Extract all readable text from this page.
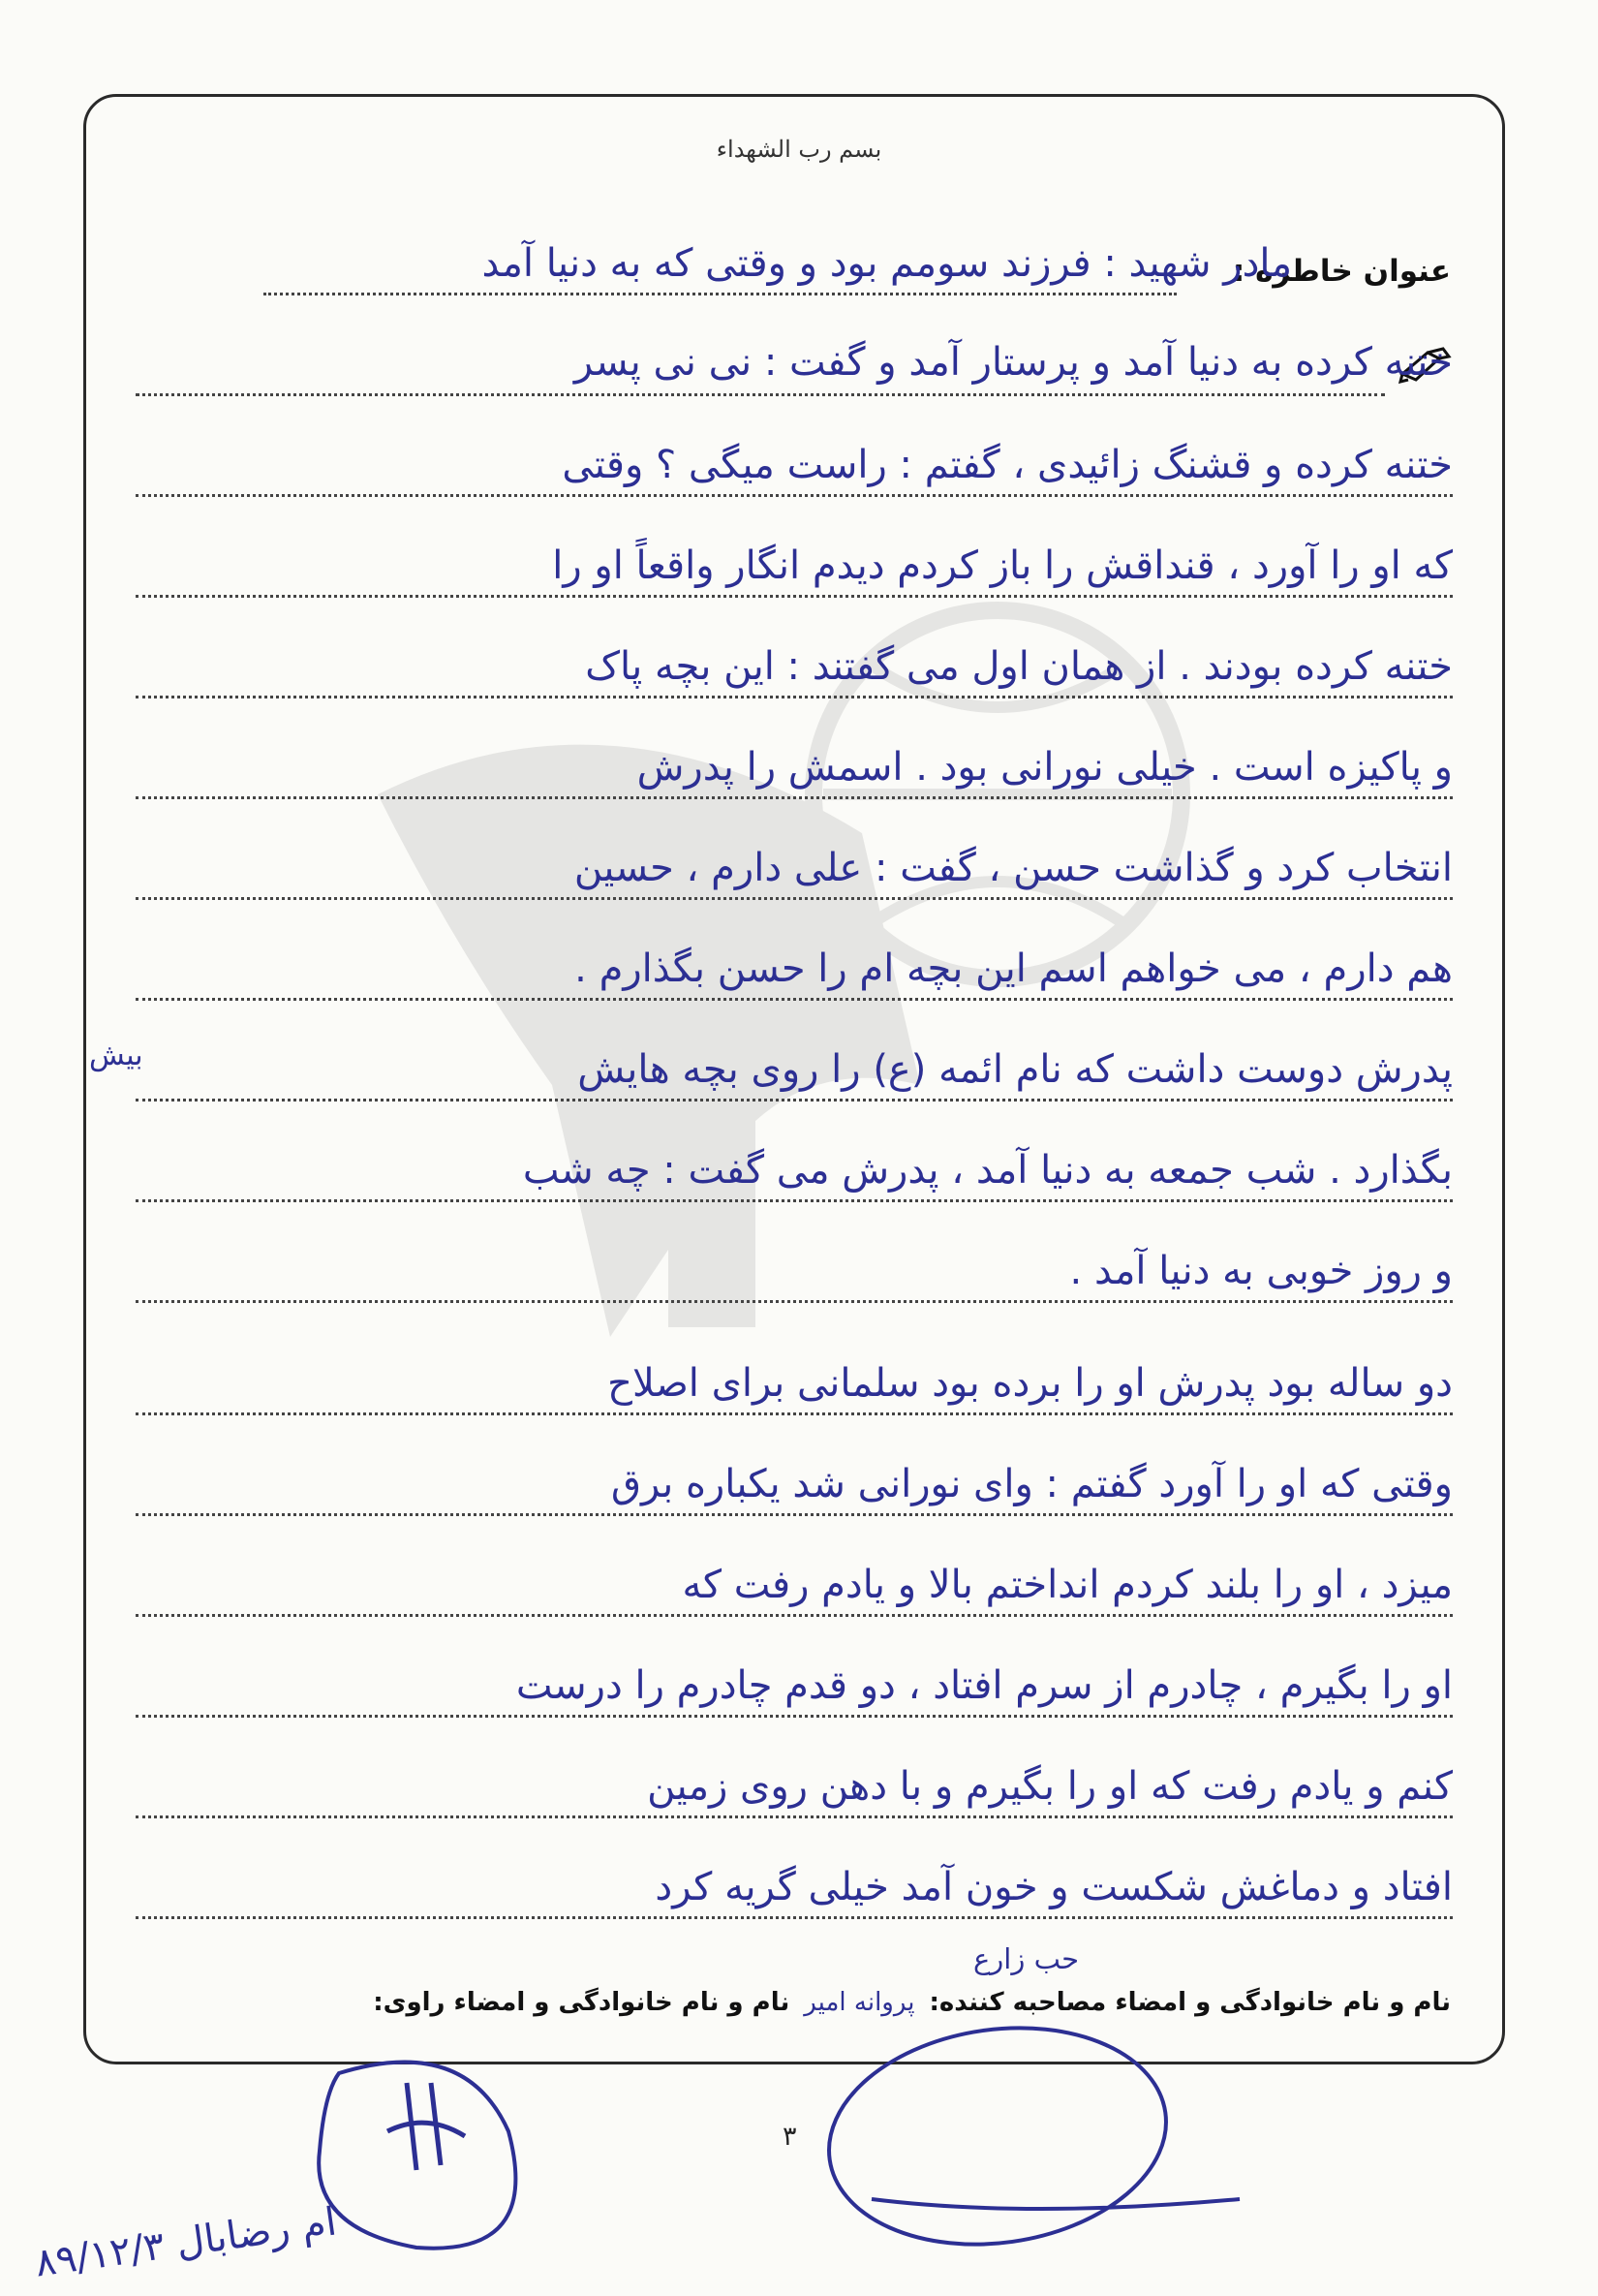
بسم رب الشهداء
عنوان خاطره :
مادر شهید : فرزند سومم بود و وقتی که به دنیا آمد
ختنه کرده به دنیا آمد و پرستار آمد و گفت : نی نی پسر
ختنه کرده و قشنگ زائیدی ، گفتم : راست میگی ؟ وقتی
که او را آورد ، قنداقش را باز کردم دیدم انگار واقعاً او را
ختنه کرده بودند . از همان اول می گفتند : این بچه پاک
و پاکیزه است . خیلی نورانی بود . اسمش را پدرش
انتخاب کرد و گذاشت حسن ، گفت : علی دارم ، حسین
هم دارم ، می خواهم اسم این بچه ام را حسن بگذارم .
پدرش دوست داشت که نام ائمه (ع) را روی بچه هایش
بگذارد . شب جمعه به دنیا آمد ، پدرش می گفت : چه شب
و روز خوبی به دنیا آمد .
دو ساله بود پدرش او را برده بود سلمانی برای اصلاح
وقتی که او را آورد گفتم : وای نورانی شد یکباره برق
میزد ، او را بلند کردم انداختم بالا و یادم رفت که
او را بگیرم ، چادرم از سرم افتاد ، دو قدم چادرم را درست
کنم و یادم رفت که او را بگیرم و با دهن روی زمین
افتاد و دماغش شکست و خون آمد خیلی گریه کرد
بیش
حب زارع
نام و نام خانوادگی و امضاء مصاحبه کننده: پروانه امیر نام و نام خانوادگی و امضاء راوی:
۳
۸۹/۱۲/۳ ام رضابال
